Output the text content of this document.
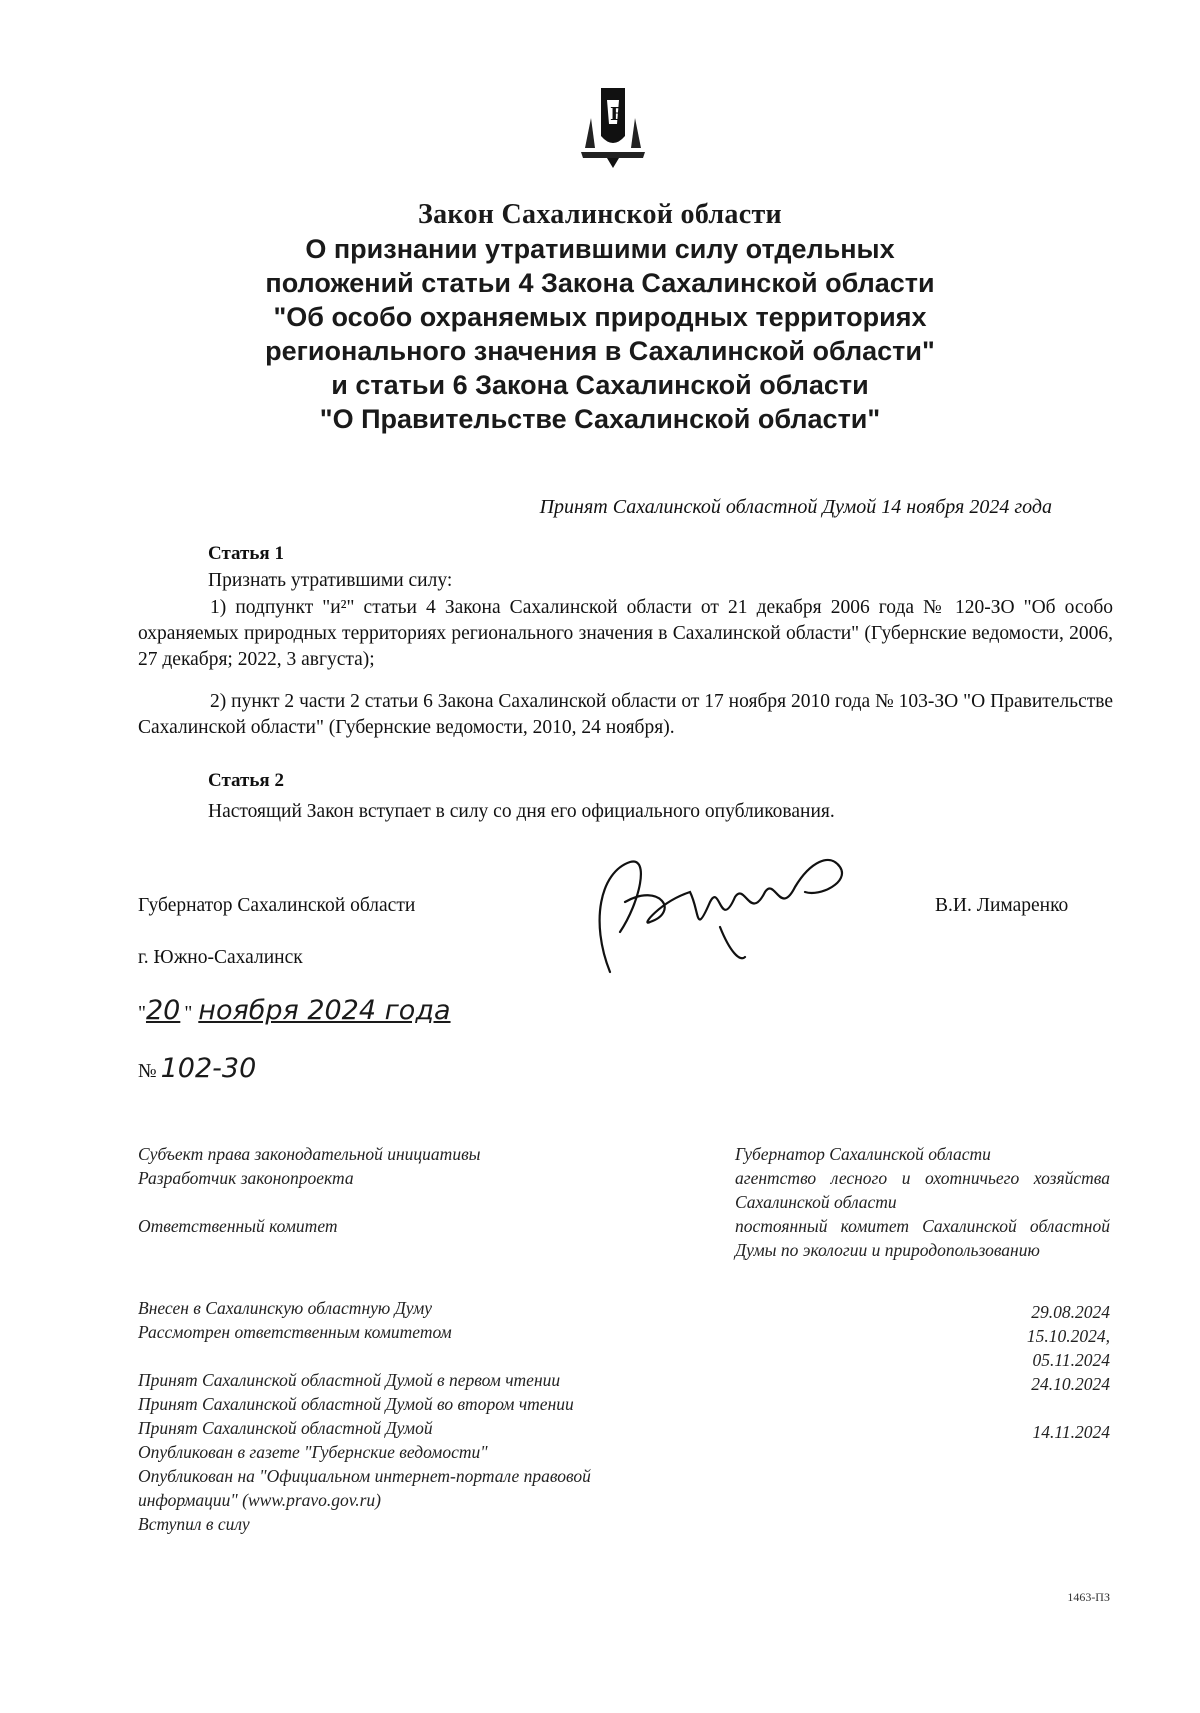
Б
Закон Сахалинской области
О признании утратившими силу отдельных
положений статьи 4 Закона Сахалинской области
"Об особо охраняемых природных территориях
регионального значения в Сахалинской области"
и статьи 6 Закона Сахалинской области
"О Правительстве Сахалинской области"
Принят Сахалинской областной Думой 14 ноября 2024 года
Статья 1
Признать утратившими силу:
1) подпункт "и²" статьи 4 Закона Сахалинской области от 21 декабря 2006 года № 120-ЗО "Об особо охраняемых природных территориях регионального значения в Сахалинской области" (Губернские ведомости, 2006, 27 декабря; 2022, 3 августа);
2) пункт 2 части 2 статьи 6 Закона Сахалинской области от 17 ноября 2010 года № 103-ЗО "О Правительстве Сахалинской области" (Губернские ведомости, 2010, 24 ноября).
Статья 2
Настоящий Закон вступает в силу со дня его официального опубликования.
Губернатор Сахалинской области	В.И. Лимаренко
г. Южно-Сахалинск
"20 " ноября 2024 года
№ 102-30
Субъект права законодательной инициативы
Разработчик законопроекта
Ответственный комитет
Губернатор Сахалинской области
агентство лесного и охотничьего хозяйства Сахалинской области
постоянный комитет Сахалинской областной Думы по экологии и природопользованию
Внесен в Сахалинскую областную Думу
Рассмотрен ответственным комитетом
Принят Сахалинской областной Думой в первом чтении
Принят Сахалинской областной Думой во втором чтении
Принят Сахалинской областной Думой
Опубликован в газете "Губернские ведомости"
Опубликован на "Официальном интернет-портале правовой
информации" (www.pravo.gov.ru)
Вступил в силу
29.08.2024
15.10.2024,
05.11.2024
24.10.2024
14.11.2024
1463-ПЗ
